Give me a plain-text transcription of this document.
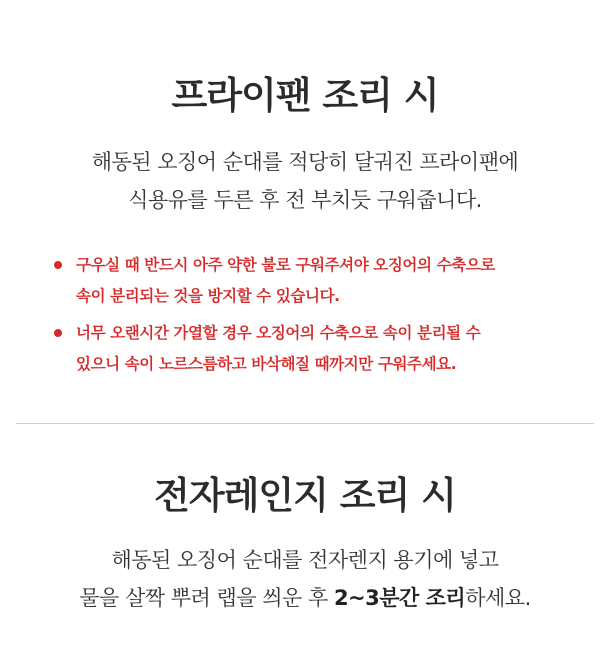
프라이팬 조리 시

해동된 오징어 순대를 적당히 달궈진 프라이팬에
식용유를 두른 후 전 부치듯 구워줍니다.

구우실 때 반드시 아주 약한 불로 구워주셔야 오징어의 수축으로
속이 분리되는 것을 방지할 수 있습니다.
너무 오랜시간 가열할 경우 오징어의 수축으로 속이 분리될 수
있으니 속이 노르스름하고 바삭해질 때까지만 구워주세요.
전자레인지 조리 시

해동된 오징어 순대를 전자렌지 용기에 넣고
물을 살짝 뿌려 랩을 씌운 후 2~3분간 조리하세요.
